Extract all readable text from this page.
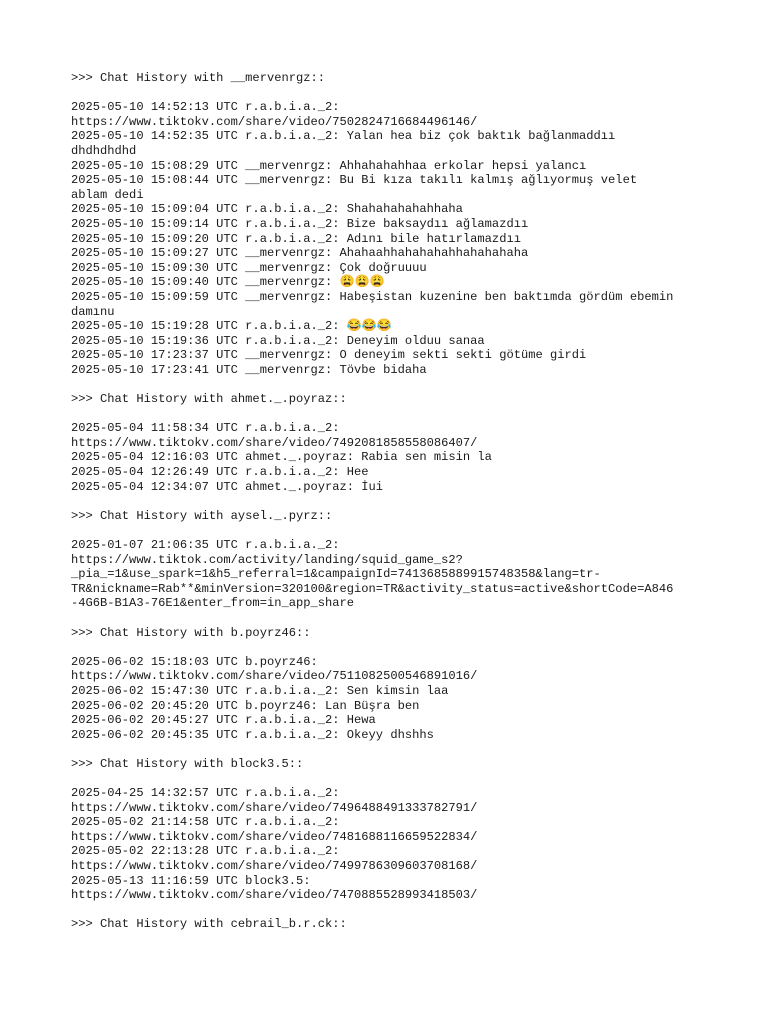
>>> Chat History with __mervenrgz::
2025-05-10 14:52:13 UTC r.a.b.i.a._2:
https://www.tiktokv.com/share/video/7502824716684496146/
2025-05-10 14:52:35 UTC r.a.b.i.a._2: Yalan hea biz çok baktık bağlanmaddıı
dhdhdhdhd
2025-05-10 15:08:29 UTC __mervenrgz: Ahhahahahhaa erkolar hepsi yalancı
2025-05-10 15:08:44 UTC __mervenrgz: Bu Bi kıza takılı kalmış ağlıyormuş velet
ablam dedi
2025-05-10 15:09:04 UTC r.a.b.i.a._2: Shahahahahahhaha
2025-05-10 15:09:14 UTC r.a.b.i.a._2: Bize baksaydıı ağlamazdıı
2025-05-10 15:09:20 UTC r.a.b.i.a._2: Adını bile hatırlamazdıı
2025-05-10 15:09:27 UTC __mervenrgz: Ahahaahhahahahahhahahahaha
2025-05-10 15:09:30 UTC __mervenrgz: Çok doğruuuu
2025-05-10 15:09:40 UTC __mervenrgz: 😩😩😩
2025-05-10 15:09:59 UTC __mervenrgz: Habeşistan kuzenine ben baktımda gördüm ebemin
damınu
2025-05-10 15:19:28 UTC r.a.b.i.a._2: 😂😂😂
2025-05-10 15:19:36 UTC r.a.b.i.a._2: Deneyim olduu sanaa
2025-05-10 17:23:37 UTC __mervenrgz: O deneyim sekti sekti götüme girdi
2025-05-10 17:23:41 UTC __mervenrgz: Tövbe bidaha
>>> Chat History with ahmet._.poyraz::
2025-05-04 11:58:34 UTC r.a.b.i.a._2:
https://www.tiktokv.com/share/video/7492081858558086407/
2025-05-04 12:16:03 UTC ahmet._.poyraz: Rabia sen misin la
2025-05-04 12:26:49 UTC r.a.b.i.a._2: Hee
2025-05-04 12:34:07 UTC ahmet._.poyraz: İui
>>> Chat History with aysel._.pyrz::
2025-01-07 21:06:35 UTC r.a.b.i.a._2:
https://www.tiktok.com/activity/landing/squid_game_s2?
_pia_=1&use_spark=1&h5_referral=1&campaignId=7413685889915748358&lang=tr-
TR&nickname=Rab**&minVersion=320100&region=TR&activity_status=active&shortCode=A846
-4G6B-B1A3-76E1&enter_from=in_app_share
>>> Chat History with b.poyrz46::
2025-06-02 15:18:03 UTC b.poyrz46:
https://www.tiktokv.com/share/video/7511082500546891016/
2025-06-02 15:47:30 UTC r.a.b.i.a._2: Sen kimsin laa
2025-06-02 20:45:20 UTC b.poyrz46: Lan Büşra ben
2025-06-02 20:45:27 UTC r.a.b.i.a._2: Hewa
2025-06-02 20:45:35 UTC r.a.b.i.a._2: Okeyy dhshhs
>>> Chat History with block3.5::
2025-04-25 14:32:57 UTC r.a.b.i.a._2:
https://www.tiktokv.com/share/video/7496488491333782791/
2025-05-02 21:14:58 UTC r.a.b.i.a._2:
https://www.tiktokv.com/share/video/7481688116659522834/
2025-05-02 22:13:28 UTC r.a.b.i.a._2:
https://www.tiktokv.com/share/video/7499786309603708168/
2025-05-13 11:16:59 UTC block3.5:
https://www.tiktokv.com/share/video/7470885528993418503/
>>> Chat History with cebrail_b.r.ck::
